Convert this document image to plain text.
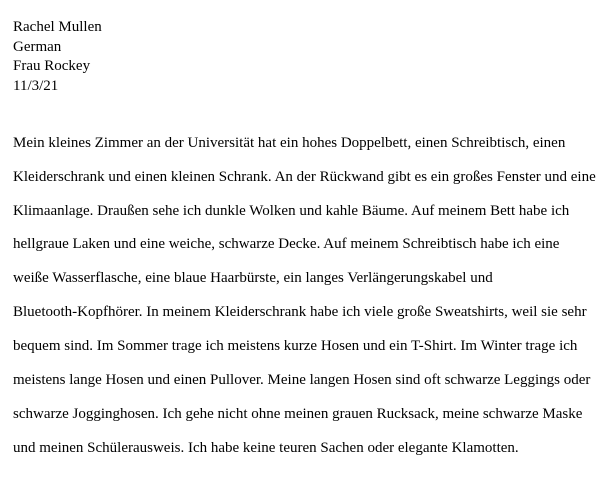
Rachel Mullen
German
Frau Rockey
11/3/21
Mein kleines Zimmer an der Universität hat ein hohes Doppelbett, einen Schreibtisch, einen
Kleiderschrank und einen kleinen Schrank. An der Rückwand gibt es ein großes Fenster und eine
Klimaanlage. Draußen sehe ich dunkle Wolken und kahle Bäume. Auf meinem Bett habe ich
hellgraue Laken und eine weiche, schwarze Decke. Auf meinem Schreibtisch habe ich eine
weiße Wasserflasche, eine blaue Haarbürste, ein langes Verlängerungskabel und
Bluetooth-Kopfhörer. In meinem Kleiderschrank habe ich viele große Sweatshirts, weil sie sehr
bequem sind. Im Sommer trage ich meistens kurze Hosen und ein T-Shirt. Im Winter trage ich
meistens lange Hosen und einen Pullover. Meine langen Hosen sind oft schwarze Leggings oder
schwarze Jogginghosen. Ich gehe nicht ohne meinen grauen Rucksack, meine schwarze Maske
und meinen Schülerausweis. Ich habe keine teuren Sachen oder elegante Klamotten.
